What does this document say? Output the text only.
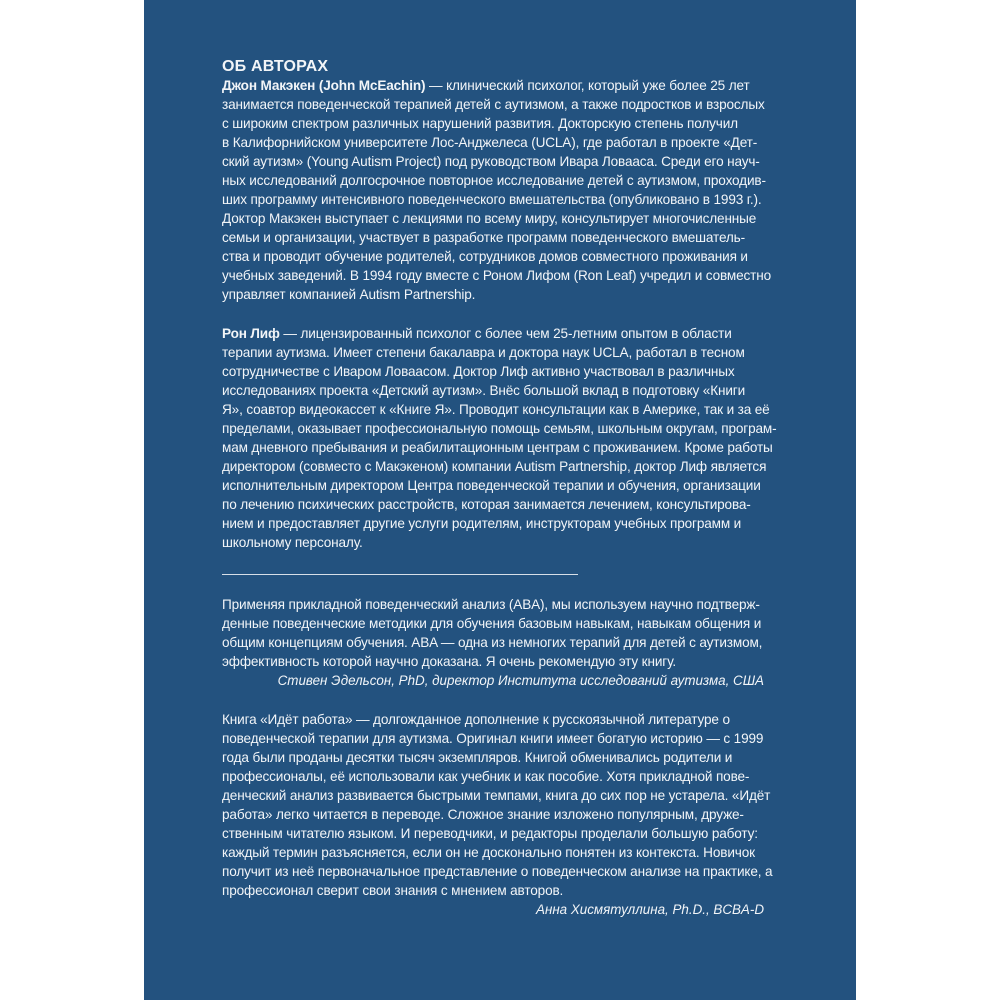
ОБ АВТОРАХ

Джон Макэкен (John McEachin) — клинический психолог, который уже более 25 лет
занимается поведенческой терапией детей с аутизмом, а также подростков и взрослых
с широким спектром различных нарушений развития. Докторскую степень получил
в Калифорнийском университете Лос-Анджелеса (UCLA), где работал в проекте «Дет-
ский аутизм» (Young Autism Project) под руководством Ивара Ловааса. Среди его науч-
ных исследований долгосрочное повторное исследование детей с аутизмом, проходив-
ших программу интенсивного поведенческого вмешательства (опубликовано в 1993 г.).
Доктор Макэкен выступает с лекциями по всему миру, консультирует многочисленные
семьи и организации, участвует в разработке программ поведенческого вмешатель-
ства и проводит обучение родителей, сотрудников домов совместного проживания и
учебных заведений. В 1994 году вместе с Роном Лифом (Ron Leaf) учредил и совместно
управляет компанией Autism Partnership.

Рон Лиф — лицензированный психолог с более чем 25-летним опытом в области
терапии аутизма. Имеет степени бакалавра и доктора наук UCLA, работал в тесном
сотрудничестве с Иваром Ловаасом. Доктор Лиф активно участвовал в различных
исследованиях проекта «Детский аутизм». Внёс большой вклад в подготовку «Книги
Я», соавтор видеокассет к «Книге Я». Проводит консультации как в Америке, так и за её
пределами, оказывает профессиональную помощь семьям, школьным округам, програм-
мам дневного пребывания и реабилитационным центрам с проживанием. Кроме работы
директором (совместо с Макэкеном) компании Autism Partnership, доктор Лиф является
исполнительным директором Центра поведенческой терапии и обучения, организации
по лечению психических расстройств, которая занимается лечением, консультирова-
нием и предоставляет другие услуги родителям, инструкторам учебных программ и
школьному персоналу.

Применяя прикладной поведенческий анализ (ABA), мы используем научно подтверж-
денные поведенческие методики для обучения базовым навыкам, навыкам общения и
общим концепциям обучения. ABA — одна из немногих терапий для детей с аутизмом,
эффективность которой научно доказана. Я очень рекомендую эту книгу.

Стивен Эдельсон, PhD, директор Института исследований аутизма, США

Книга «Идёт работа» — долгожданное дополнение к русскоязычной литературе о
поведенческой терапии для аутизма. Оригинал книги имеет богатую историю — с 1999
года были проданы десятки тысяч экземпляров. Книгой обменивались родители и
профессионалы, её использовали как учебник и как пособие. Хотя прикладной пове-
денческий анализ развивается быстрыми темпами, книга до сих пор не устарела. «Идёт
работа» легко читается в переводе. Сложное знание изложено популярным, друже-
ственным читателю языком. И переводчики, и редакторы проделали большую работу:
каждый термин разъясняется, если он не досконально понятен из контекста. Новичок
получит из неё первоначальное представление о поведенческом анализе на практике, а
профессионал сверит свои знания с мнением авторов.

Анна Хисмятуллина, Ph.D., BCBA-D
